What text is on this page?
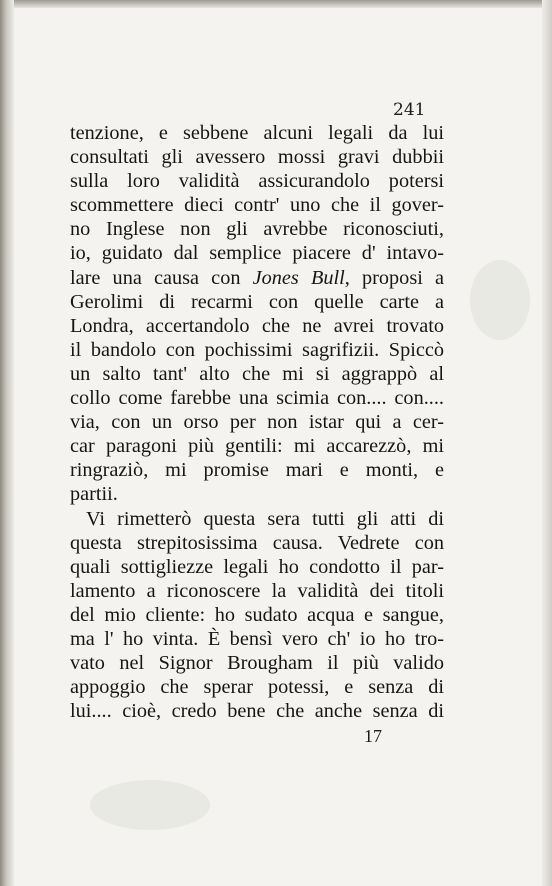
241

tenzione, e sebbene alcuni legali da lui
consultati gli avessero mossi gravi dubbii
sulla loro validità assicurandolo potersi
scommettere dieci contr' uno che il gover-
no Inglese non gli avrebbe riconosciuti,
io, guidato dal semplice piacere d' intavo-
lare una causa con Jones Bull, proposi a
Gerolimi di recarmi con quelle carte a
Londra, accertandolo che ne avrei trovato
il bandolo con pochissimi sagrifizii. Spiccò
un salto tant' alto che mi si aggrappò al
collo come farebbe una scimia con.... con....
via, con un orso per non istar qui a cer-
car paragoni più gentili: mi accarezzò, mi
ringraziò, mi promise mari e monti, e
partii.
Vi rimetterò questa sera tutti gli atti di
questa strepitosissima causa. Vedrete con
quali sottigliezze legali ho condotto il par-
lamento a riconoscere la validità dei titoli
del mio cliente: ho sudato acqua e sangue,
ma l' ho vinta. È bensì vero ch' io ho tro-
vato nel Signor Brougham il più valido
appoggio che sperar potessi, e senza di
lui.... cioè, credo bene che anche senza di

17
